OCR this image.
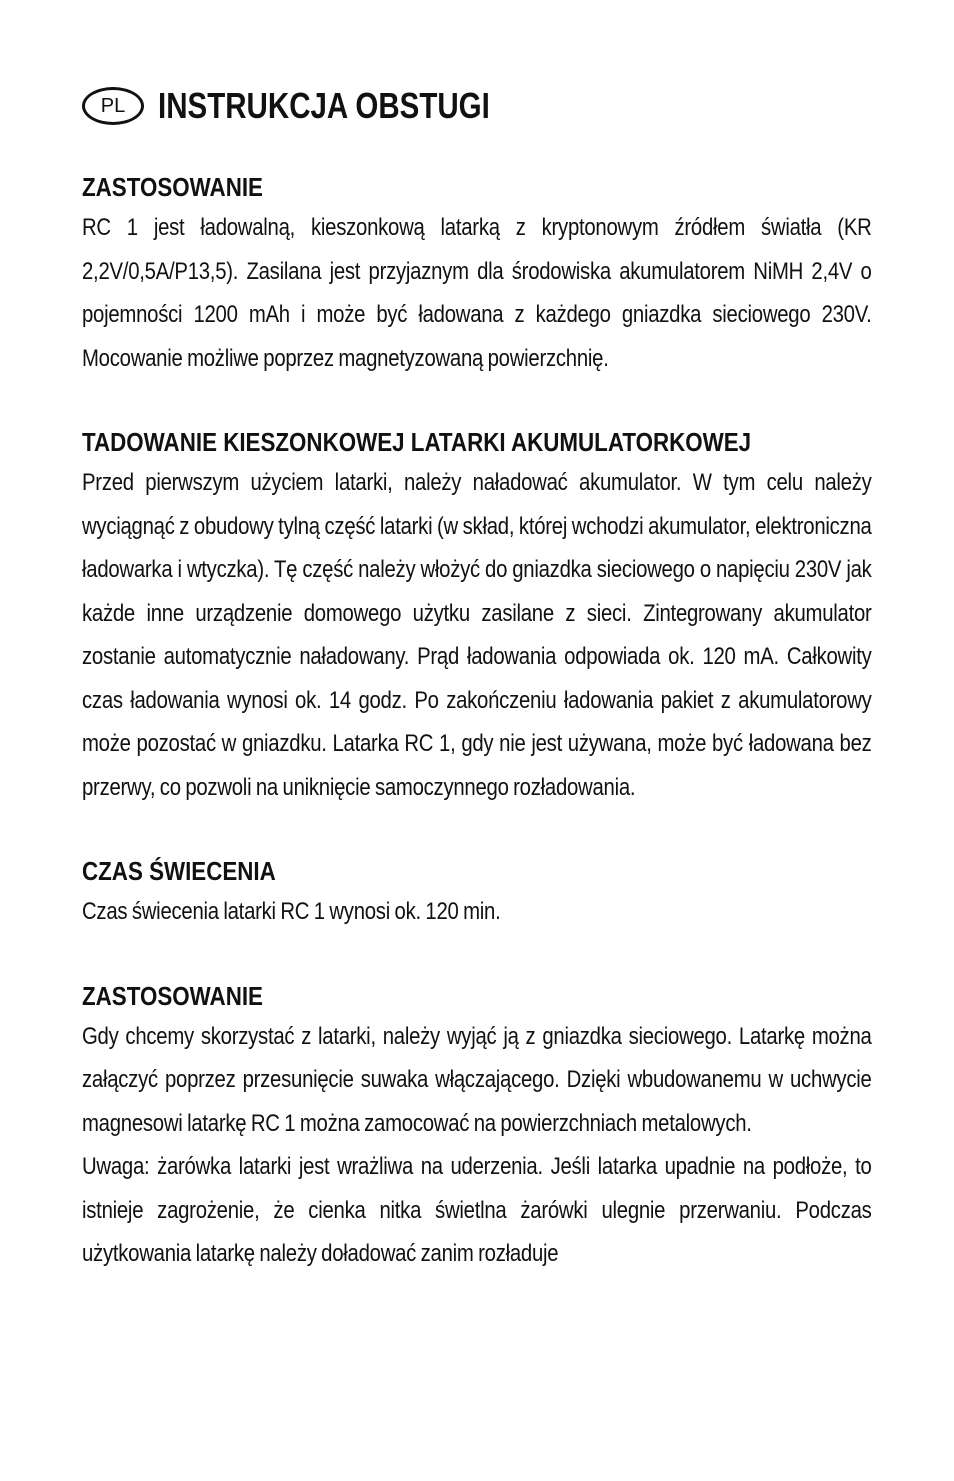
PL INSTRUKCJA OBSTUGI
ZASTOSOWANIE

RC 1 jest ładowalną, kieszonkową latarką z kryptonowym źródłem światła (KR 2,2V/0,5A/P13,5). Zasilana jest przyjaznym dla środowiska akumulatorem NiMH 2,4V o pojemności 1200 mAh i może być ładowana z każdego gniazdka sieciowego 230V. Mocowanie możliwe poprzez magnetyzowaną powierzchnię.

TADOWANIE KIESZONKOWEJ LATARKI AKUMULATORKOWEJ

Przed pierwszym użyciem latarki, należy naładować akumulator. W tym celu należy wyciągnąć z obudowy tylną część latarki (w skład, której wchodzi akumulator, elektroniczna ładowarka i wtyczka). Tę część należy włożyć do gniazdka sieciowego o napięciu 230V jak każde inne urządzenie domowego użytku zasilane z sieci. Zintegrowany akumulator zostanie automatycznie naładowany. Prąd ładowania odpowiada ok. 120 mA. Całkowity czas ładowania wynosi ok. 14 godz. Po zakończeniu ładowania pakiet z akumulatorowy może pozostać w gniazdku. Latarka RC 1, gdy nie jest używana, może być ładowana bez przerwy, co pozwoli na uniknięcie samoczynnego rozładowania.

CZAS ŚWIECENIA

Czas świecenia latarki RC 1 wynosi ok. 120 min.

ZASTOSOWANIE

Gdy chcemy skorzystać z latarki, należy wyjąć ją z gniazdka sieciowego. Latarkę można załączyć poprzez przesunięcie suwaka włączającego. Dzięki wbudowanemu w uchwycie magnesowi latarkę RC 1 można zamocować na powierzchniach metalowych.

Uwaga: żarówka latarki jest wrażliwa na uderzenia. Jeśli latarka upadnie na podłoże, to istnieje zagrożenie, że cienka nitka świetlna żarówki ulegnie przerwaniu. Podczas użytkowania latarkę należy doładować zanim rozładuje
